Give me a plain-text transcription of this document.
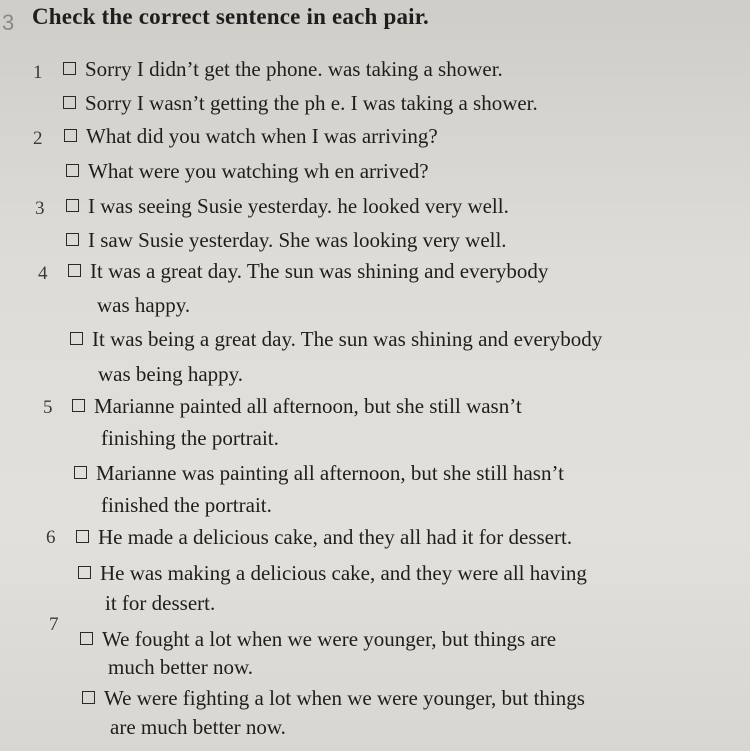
3 Check the correct sentence in each pair.
1	Sorry I didn’t get the phone. was taking a shower.
Sorry I wasn’t getting the ph e. I was taking a shower.
2	What did you watch when I was arriving?
What were you watching wh en arrived?
3	I was seeing Susie yesterday. he looked very well.
I saw Susie yesterday. She was looking very well.
4	It was a great day. The sun was shining and everybody
was happy.
It was being a great day. The sun was shining and everybody
was being happy.
5	Marianne painted all afternoon, but she still wasn’t
finishing the portrait.
Marianne was painting all afternoon, but she still hasn’t
finished the portrait.
6	He made a delicious cake, and they all had it for dessert.
He was making a delicious cake, and they were all having
it for dessert.
7
We fought a lot when we were younger, but things are
much better now.
We were fighting a lot when we were younger, but things
are much better now.
